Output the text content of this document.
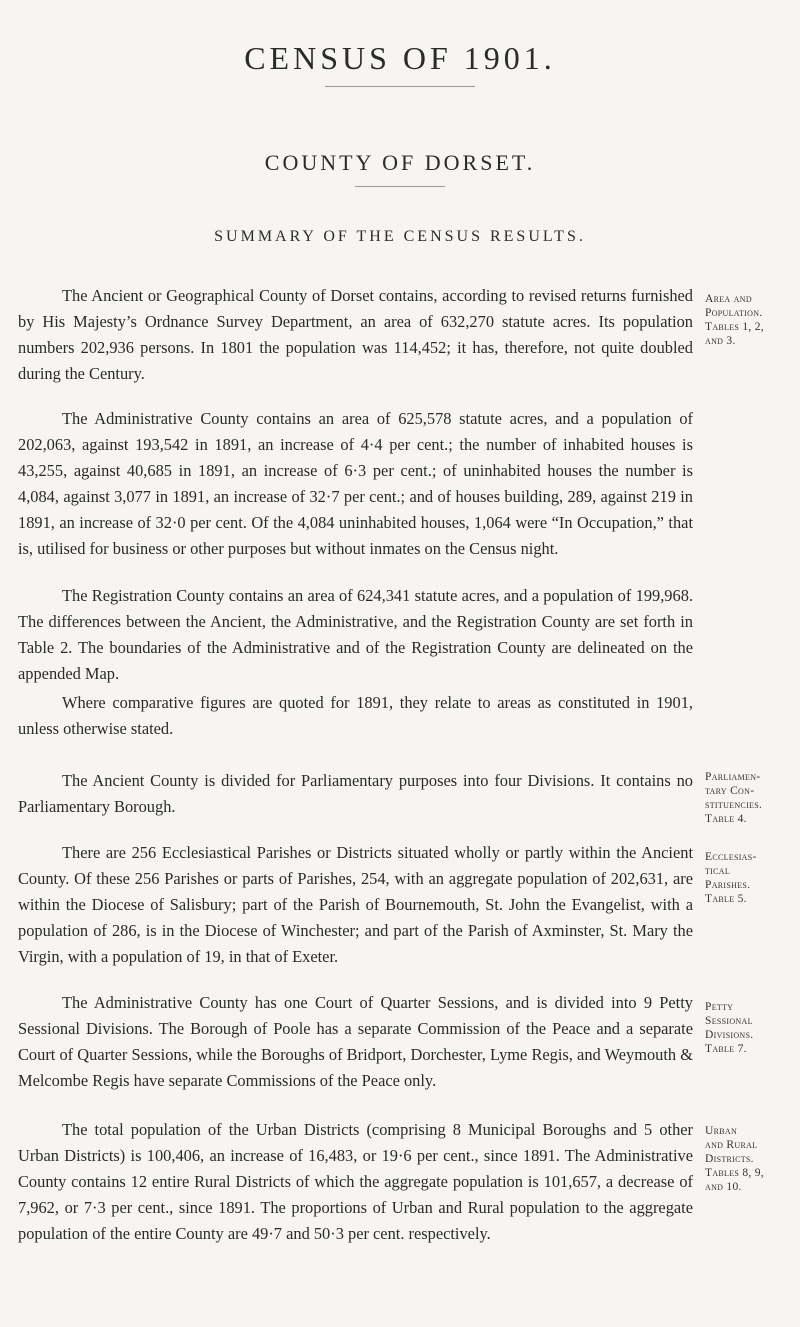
CENSUS OF 1901.
COUNTY OF DORSET.
SUMMARY OF THE CENSUS RESULTS.

The Ancient or Geographical County of Dorset contains, according to revised returns furnished by His Majesty’s Ordnance Survey Department, an area of 632,270 statute acres. Its population numbers 202,936 persons. In 1801 the population was 114,452; it has, therefore, not quite doubled during the Century.

The Administrative County contains an area of 625,578 statute acres, and a population of 202,063, against 193,542 in 1891, an increase of 4·4 per cent.; the number of inhabited houses is 43,255, against 40,685 in 1891, an increase of 6·3 per cent.; of uninhabited houses the number is 4,084, against 3,077 in 1891, an increase of 32·7 per cent.; and of houses building, 289, against 219 in 1891, an increase of 32·0 per cent. Of the 4,084 uninhabited houses, 1,064 were “In Occupation,” that is, utilised for business or other purposes but without inmates on the Census night.

The Registration County contains an area of 624,341 statute acres, and a population of 199,968. The differences between the Ancient, the Administrative, and the Registration County are set forth in Table 2. The boundaries of the Administrative and of the Registration County are delineated on the appended Map.

Where comparative figures are quoted for 1891, they relate to areas as constituted in 1901, unless otherwise stated.

The Ancient County is divided for Parliamentary purposes into four Divisions. It contains no Parliamentary Borough.

There are 256 Ecclesiastical Parishes or Districts situated wholly or partly within the Ancient County. Of these 256 Parishes or parts of Parishes, 254, with an aggregate population of 202,631, are within the Diocese of Salisbury; part of the Parish of Bournemouth, St. John the Evangelist, with a population of 286, is in the Diocese of Winchester; and part of the Parish of Axminster, St. Mary the Virgin, with a population of 19, in that of Exeter.

The Administrative County has one Court of Quarter Sessions, and is divided into 9 Petty Sessional Divisions. The Borough of Poole has a separate Commission of the Peace and a separate Court of Quarter Sessions, while the Boroughs of Bridport, Dorchester, Lyme Regis, and Weymouth & Melcombe Regis have separate Commissions of the Peace only.

The total population of the Urban Districts (comprising 8 Municipal Boroughs and 5 other Urban Districts) is 100,406, an increase of 16,483, or 19·6 per cent., since 1891. The Administrative County contains 12 entire Rural Districts of which the aggregate population is 101,657, a decrease of 7,962, or 7·3 per cent., since 1891. The proportions of Urban and Rural population to the aggregate population of the entire County are 49·7 and 50·3 per cent. respectively.

Area and
Population.
Tables 1, 2,
and 3.
Parliamen-
tary Con-
stituencies.
Table 4.
Ecclesias-
tical
Parishes.
Table 5.
Petty
Sessional
Divisions.
Table 7.
Urban
and Rural
Districts.
Tables 8, 9,
and 10.
